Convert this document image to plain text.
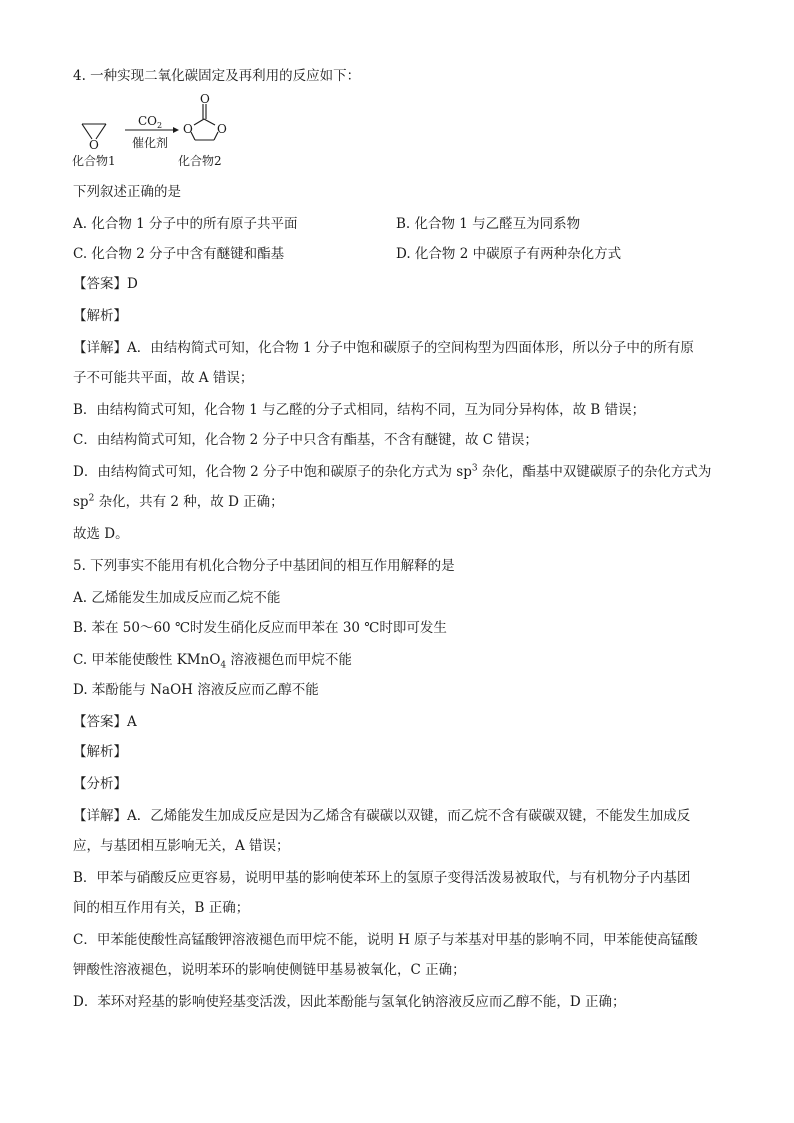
4. 一种实现二氧化碳固定及再利用的反应如下：
O
化合物1
$CO_2$
催化剂
O
O O
化合物2
下列叙述正确的是
A. 化合物 1 分子中的所有原子共平面	B. 化合物 1 与乙醛互为同系物
C. 化合物 2 分子中含有醚键和酯基	D. 化合物 2 中碳原子有两种杂化方式
【答案】D
【解析】
【详解】A．由结构简式可知，化合物 1 分子中饱和碳原子的空间构型为四面体形，所以分子中的所有原
子不可能共平面，故 A 错误；
B．由结构简式可知，化合物 1 与乙醛的分子式相同，结构不同，互为同分异构体，故 B 错误；
C．由结构简式可知，化合物 2 分子中只含有酯基，不含有醚键，故 C 错误；
D．由结构简式可知，化合物 2 分子中饱和碳原子的杂化方式为 $sp^3$ 杂化，酯基中双键碳原子的杂化方式为
$sp^2$ 杂化，共有 2 种，故 D 正确；
故选 D。
5. 下列事实不能用有机化合物分子中基团间的相互作用解释的是
A. 乙烯能发生加成反应而乙烷不能
B. 苯在 50～60 ℃时发生硝化反应而甲苯在 30 ℃时即可发生
C. 甲苯能使酸性 KMnO$_4$ 溶液褪色而甲烷不能
D. 苯酚能与 NaOH 溶液反应而乙醇不能
【答案】A
【解析】
【分析】
【详解】A．乙烯能发生加成反应是因为乙烯含有碳碳以双键，而乙烷不含有碳碳双键，不能发生加成反
应，与基团相互影响无关，A 错误；
B．甲苯与硝酸反应更容易，说明甲基的影响使苯环上的氢原子变得活泼易被取代，与有机物分子内基团
间的相互作用有关，B 正确；
C．甲苯能使酸性高锰酸钾溶液褪色而甲烷不能，说明 H 原子与苯基对甲基的影响不同，甲苯能使高锰酸
钾酸性溶液褪色，说明苯环的影响使侧链甲基易被氧化，C 正确；
D．苯环对羟基的影响使羟基变活泼，因此苯酚能与氢氧化钠溶液反应而乙醇不能，D 正确；
